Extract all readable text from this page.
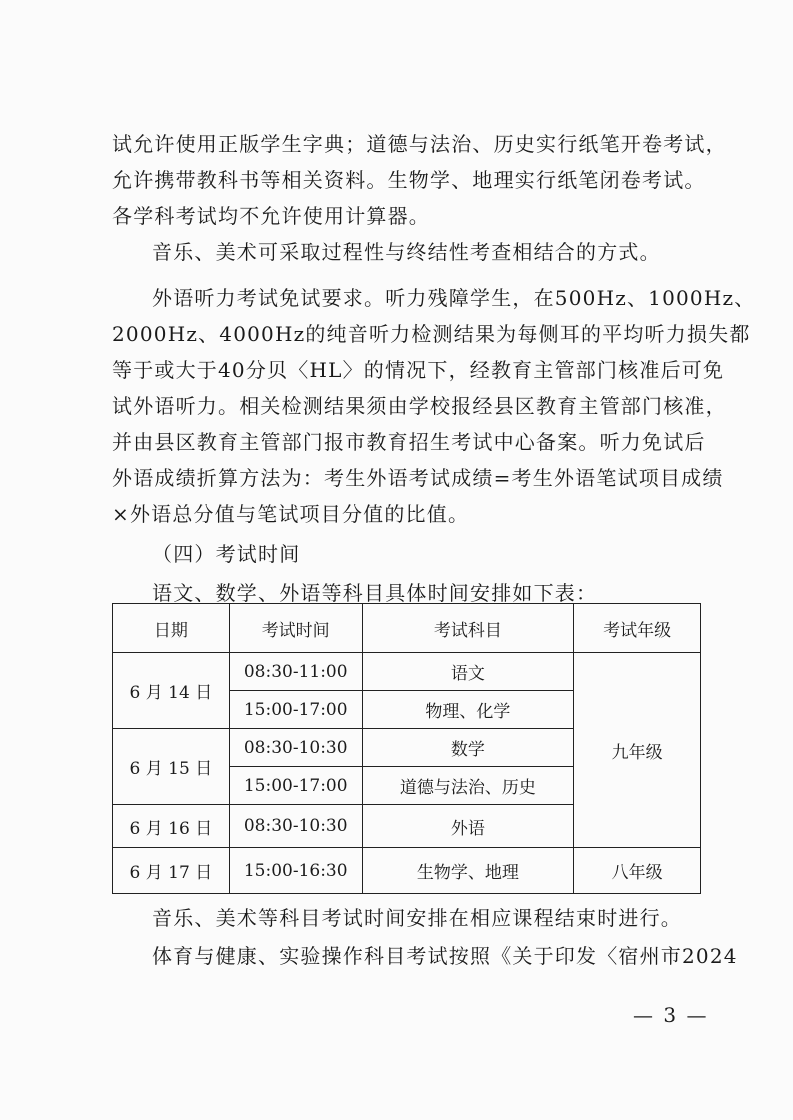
试允许使用正版学生字典；道德与法治、历史实行纸笔开卷考试，
允许携带教科书等相关资料。生物学、地理实行纸笔闭卷考试。
各学科考试均不允许使用计算器。

音乐、美术可采取过程性与终结性考查相结合的方式。

外语听力考试免试要求。听力残障学生，在500Hz、1000Hz、
2000Hz、4000Hz的纯音听力检测结果为每侧耳的平均听力损失都
等于或大于40分贝〈HL〉的情况下，经教育主管部门核准后可免
试外语听力。相关检测结果须由学校报经县区教育主管部门核准，
并由县区教育主管部门报市教育招生考试中心备案。听力免试后
外语成绩折算方法为：考生外语考试成绩=考生外语笔试项目成绩
×外语总分值与笔试项目分值的比值。

（四）考试时间

语文、数学、外语等科目具体时间安排如下表：

日期	考试时间	考试科目	考试年级
6 月 14 日	08:30-11:00	语文	九年级
	15:00-17:00	物理、化学	
6 月 15 日	08:30-10:30	数学	
	15:00-17:00	道德与法治、历史	
6 月 16 日	08:30-10:30	外语	
6 月 17 日	15:00-16:30	生物学、地理	八年级

音乐、美术等科目考试时间安排在相应课程结束时进行。

体育与健康、实验操作科目考试按照《关于印发〈宿州市2024

— 3 —
